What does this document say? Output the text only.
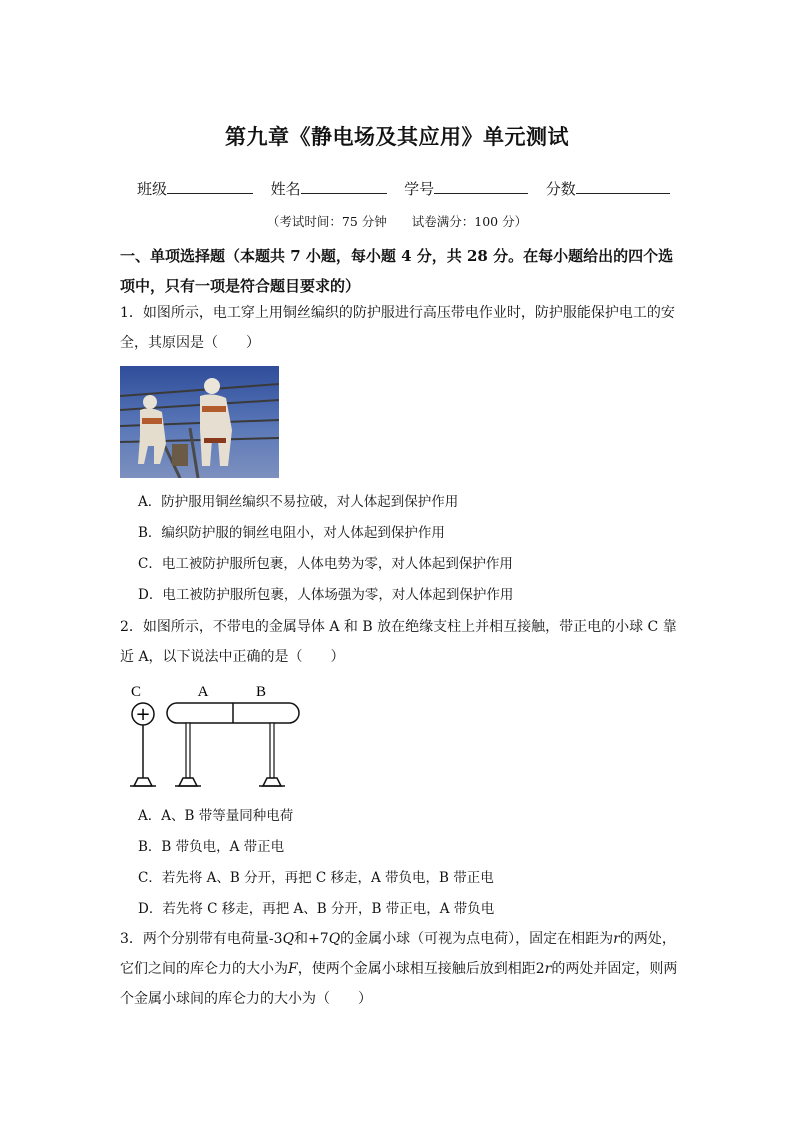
第九章《静电场及其应用》单元测试
班级	姓名	学号	分数
（考试时间：75 分钟　　试卷满分：100 分）
一、单项选择题（本题共 7 小题，每小题 4 分，共 28 分。在每小题给出的四个选项中，只有一项是符合题目要求的）
1．如图所示，电工穿上用铜丝编织的防护服进行高压带电作业时，防护服能保护电工的安全，其原因是（　　）
A．防护服用铜丝编织不易拉破，对人体起到保护作用
B．编织防护服的铜丝电阻小，对人体起到保护作用
C．电工被防护服所包裹，人体电势为零，对人体起到保护作用
D．电工被防护服所包裹，人体场强为零，对人体起到保护作用
2．如图所示，不带电的金属导体 A 和 B 放在绝缘支柱上并相互接触，带正电的小球 C 靠近 A，以下说法中正确的是（　　）
C	A	B
+
A．A、B 带等量同种电荷
B．B 带负电，A 带正电
C．若先将 A、B 分开，再把 C 移走，A 带负电，B 带正电
D．若先将 C 移走，再把 A、B 分开，B 带正电，A 带负电
3．两个分别带有电荷量-3Q和+7Q的金属小球（可视为点电荷），固定在相距为r的两处，它们之间的库仑力的大小为F，使两个金属小球相互接触后放到相距2r的两处并固定，则两个金属小球间的库仑力的大小为（　　）
